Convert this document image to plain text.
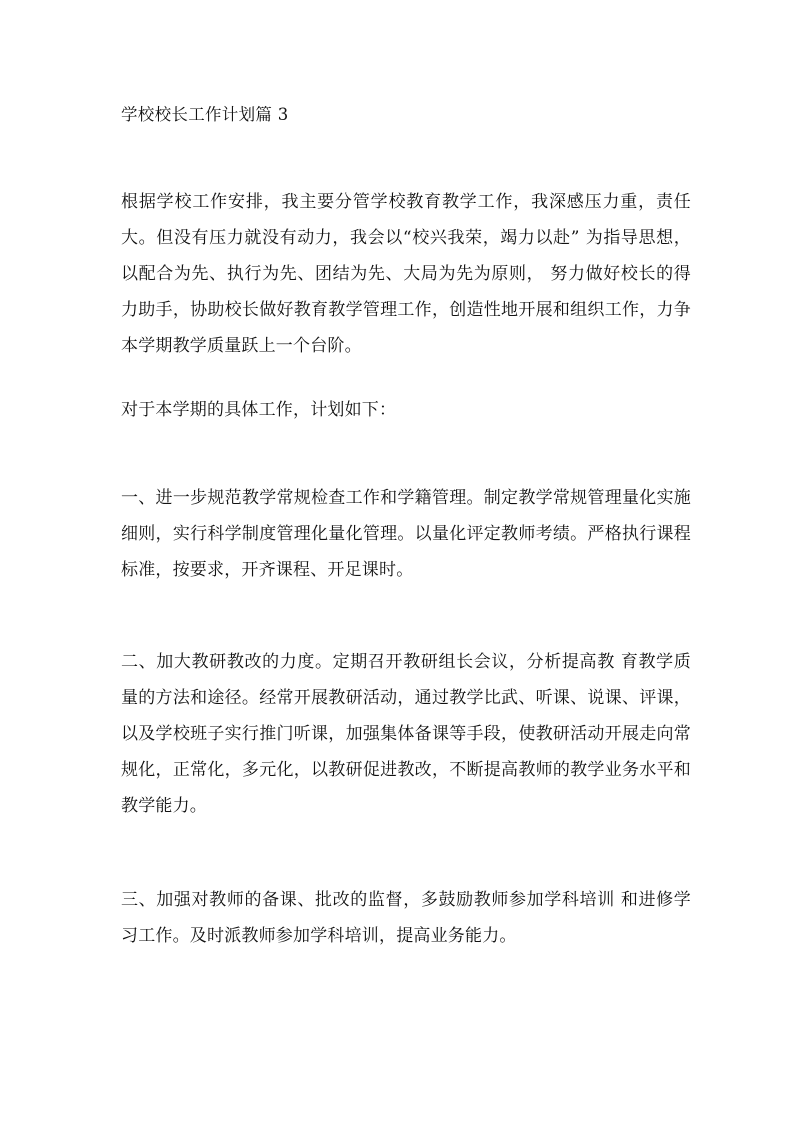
学校校长工作计划篇 3
根据学校工作安排，我主要分管学校教育教学工作，我深感压力重，责任大。但没有压力就没有动力，我会以“校兴我荣，竭力以赴” 为指导思想，以配合为先、执行为先、团结为先、大局为先为原则， 努力做好校长的得力助手，协助校长做好教育教学管理工作，创造性地开展和组织工作，力争本学期教学质量跃上一个台阶。
对于本学期的具体工作，计划如下：
一、进一步规范教学常规检查工作和学籍管理。制定教学常规管理量化实施细则，实行科学制度管理化量化管理。以量化评定教师考绩。严格执行课程标准，按要求，开齐课程、开足课时。
二、加大教研教改的力度。定期召开教研组长会议，分析提高教 育教学质量的方法和途径。经常开展教研活动，通过教学比武、听课、说课、评课，以及学校班子实行推门听课，加强集体备课等手段，使教研活动开展走向常规化，正常化，多元化，以教研促进教改，不断提高教师的教学业务水平和教学能力。
三、加强对教师的备课、批改的监督，多鼓励教师参加学科培训 和进修学习工作。及时派教师参加学科培训，提高业务能力。
